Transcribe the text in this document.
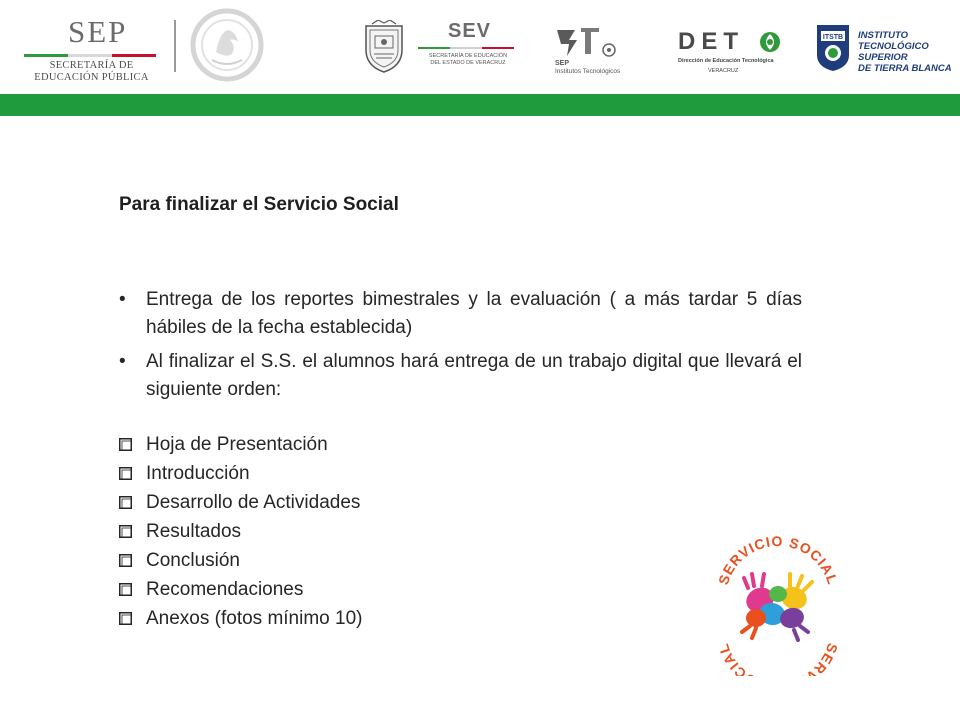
SEP
SECRETARÍA DE
EDUCACIÓN PÚBLICA
SEV
SECRETARÍA DE EDUCACIÓN
DEL ESTADO DE VERACRUZ	SEP
Institutos Tecnológicos
DET
Dirección de Educación Tecnológica
VERACRUZ
ITSTB INSTITUTO
TECNOLÓGICO SUPERIOR
DE TIERRA BLANCA
Para finalizar el Servicio Social
• Entrega de los reportes bimestrales y la evaluación ( a más tardar 5 días hábiles de la fecha establecida)
• Al finalizar el S.S. el alumnos hará entrega de un trabajo digital que llevará el siguiente orden:
Hoja de Presentación
Introducción
Desarrollo de Actividades
Resultados
Conclusión
Recomendaciones
Anexos (fotos mínimo 10)
SERVICIO SOCIAL
SER CIAL
